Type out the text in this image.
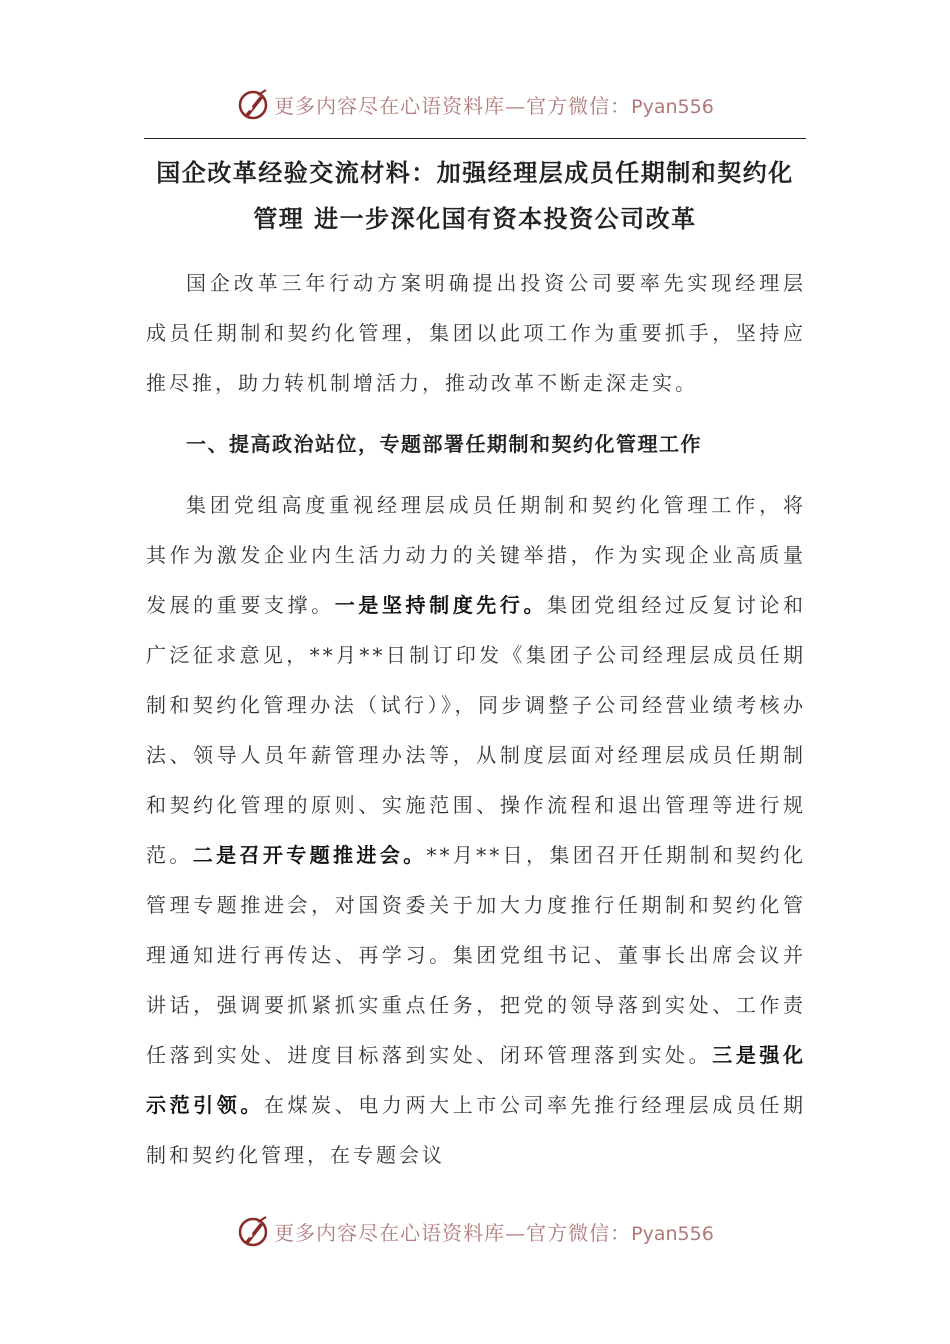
更多内容尽在心语资料库—官方微信：Pyan556
国企改革经验交流材料：加强经理层成员任期制和契约化管理 进一步深化国有资本投资公司改革

国企改革三年行动方案明确提出投资公司要率先实现经理层成员任期制和契约化管理，集团以此项工作为重要抓手，坚持应推尽推，助力转机制增活力，推动改革不断走深走实。

一、提高政治站位，专题部署任期制和契约化管理工作

集团党组高度重视经理层成员任期制和契约化管理工作，将其作为激发企业内生活力动力的关键举措，作为实现企业高质量发展的重要支撑。一是坚持制度先行。集团党组经过反复讨论和广泛征求意见，**月**日制订印发《集团子公司经理层成员任期制和契约化管理办法（试行）》，同步调整子公司经营业绩考核办法、领导人员年薪管理办法等，从制度层面对经理层成员任期制和契约化管理的原则、实施范围、操作流程和退出管理等进行规范。二是召开专题推进会。**月**日，集团召开任期制和契约化管理专题推进会，对国资委关于加大力度推行任期制和契约化管理通知进行再传达、再学习。集团党组书记、董事长出席会议并讲话，强调要抓紧抓实重点任务，把党的领导落到实处、工作责任落到实处、进度目标落到实处、闭环管理落到实处。三是强化示范引领。在煤炭、电力两大上市公司率先推行经理层成员任期制和契约化管理，在专题会议

更多内容尽在心语资料库—官方微信：Pyan556
